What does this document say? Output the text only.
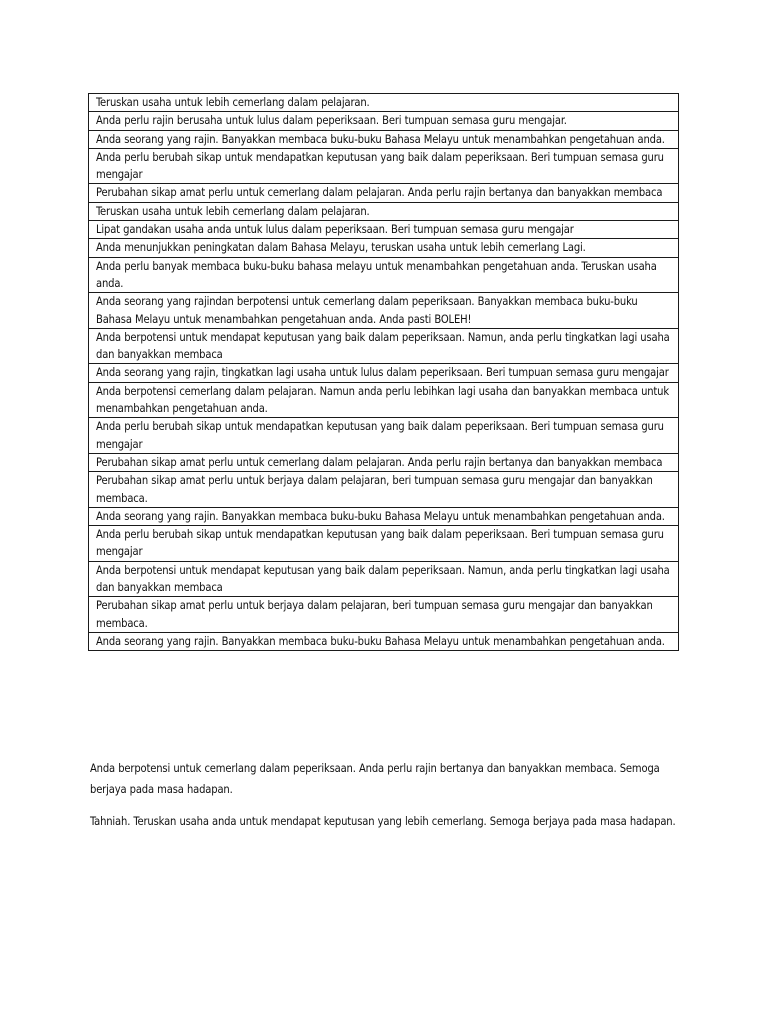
Teruskan usaha untuk lebih cemerlang dalam pelajaran.
Anda perlu rajin berusaha untuk lulus dalam peperiksaan. Beri tumpuan semasa guru mengajar.
Anda seorang yang rajin. Banyakkan membaca buku-buku Bahasa Melayu untuk menambahkan pengetahuan anda.
Anda perlu berubah sikap untuk mendapatkan keputusan yang baik dalam peperiksaan. Beri tumpuan semasa guru mengajar
Perubahan sikap amat perlu untuk cemerlang dalam pelajaran. Anda perlu rajin bertanya dan banyakkan membaca
Teruskan usaha untuk lebih cemerlang dalam pelajaran.
Lipat gandakan usaha anda untuk lulus dalam peperiksaan. Beri tumpuan semasa guru mengajar
Anda menunjukkan peningkatan dalam Bahasa Melayu, teruskan usaha untuk lebih cemerlang Lagi.
Anda perlu banyak membaca buku-buku bahasa melayu untuk menambahkan pengetahuan anda. Teruskan usaha anda.
Anda seorang yang rajindan berpotensi untuk cemerlang dalam peperiksaan. Banyakkan membaca buku-buku Bahasa Melayu untuk menambahkan pengetahuan anda. Anda pasti BOLEH!
Anda berpotensi untuk mendapat keputusan yang baik dalam peperiksaan. Namun, anda perlu tingkatkan lagi usaha dan banyakkan membaca
Anda seorang yang rajin, tingkatkan lagi usaha untuk lulus dalam peperiksaan. Beri tumpuan semasa guru mengajar
Anda berpotensi cemerlang dalam pelajaran. Namun anda perlu lebihkan lagi usaha dan banyakkan membaca untuk menambahkan pengetahuan anda.
Anda perlu berubah sikap untuk mendapatkan keputusan yang baik dalam peperiksaan. Beri tumpuan semasa guru mengajar
Perubahan sikap amat perlu untuk cemerlang dalam pelajaran. Anda perlu rajin bertanya dan banyakkan membaca
Perubahan sikap amat perlu untuk berjaya dalam pelajaran, beri tumpuan semasa guru mengajar dan banyakkan membaca.
Anda seorang yang rajin. Banyakkan membaca buku-buku Bahasa Melayu untuk menambahkan pengetahuan anda.
Anda perlu berubah sikap untuk mendapatkan keputusan yang baik dalam peperiksaan. Beri tumpuan semasa guru mengajar
Anda berpotensi untuk mendapat keputusan yang baik dalam peperiksaan. Namun, anda perlu tingkatkan lagi usaha dan banyakkan membaca
Perubahan sikap amat perlu untuk berjaya dalam pelajaran, beri tumpuan semasa guru mengajar dan banyakkan membaca.
Anda seorang yang rajin. Banyakkan membaca buku-buku Bahasa Melayu untuk menambahkan pengetahuan anda.

Anda berpotensi untuk cemerlang dalam peperiksaan. Anda perlu rajin bertanya dan banyakkan membaca. Semoga berjaya pada masa hadapan.

Tahniah. Teruskan usaha anda untuk mendapat keputusan yang lebih cemerlang. Semoga berjaya pada masa hadapan.
